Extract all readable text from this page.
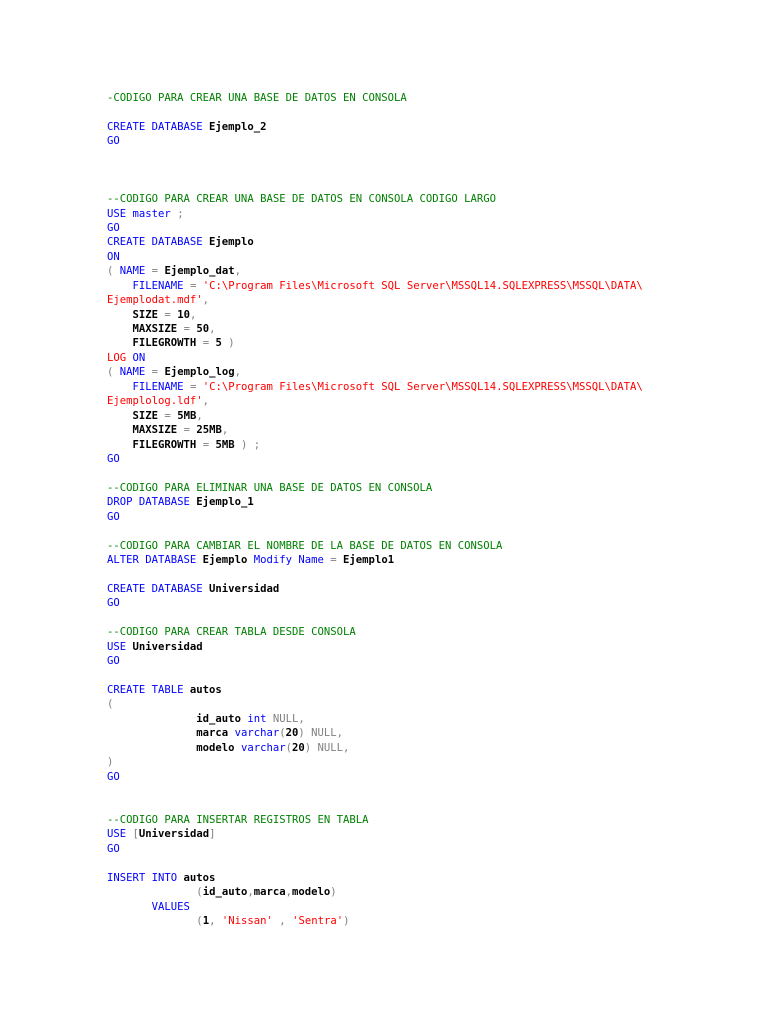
-CODIGO PARA CREAR UNA BASE DE DATOS EN CONSOLA

CREATE DATABASE Ejemplo_2
GO

--CODIGO PARA CREAR UNA BASE DE DATOS EN CONSOLA CODIGO LARGO
USE master ;
GO
CREATE DATABASE Ejemplo
ON
( NAME = Ejemplo_dat,
FILENAME = 'C:\Program Files\Microsoft SQL Server\MSSQL14.SQLEXPRESS\MSSQL\DATA\
Ejemplodat.mdf',
SIZE = 10,
MAXSIZE = 50,
FILEGROWTH = 5 )
LOG ON
( NAME = Ejemplo_log,
FILENAME = 'C:\Program Files\Microsoft SQL Server\MSSQL14.SQLEXPRESS\MSSQL\DATA\
Ejemplolog.ldf',
SIZE = 5MB,
MAXSIZE = 25MB,
FILEGROWTH = 5MB ) ;
GO

--CODIGO PARA ELIMINAR UNA BASE DE DATOS EN CONSOLA
DROP DATABASE Ejemplo_1
GO

--CODIGO PARA CAMBIAR EL NOMBRE DE LA BASE DE DATOS EN CONSOLA
ALTER DATABASE Ejemplo Modify Name = Ejemplo1

CREATE DATABASE Universidad
GO

--CODIGO PARA CREAR TABLA DESDE CONSOLA
USE Universidad
GO

CREATE TABLE autos
(
id_auto int NULL,
marca varchar(20) NULL,
modelo varchar(20) NULL,
)
GO

--CODIGO PARA INSERTAR REGISTROS EN TABLA
USE [Universidad]
GO

INSERT INTO autos
(id_auto,marca,modelo)
VALUES
(1, 'Nissan' , 'Sentra')
